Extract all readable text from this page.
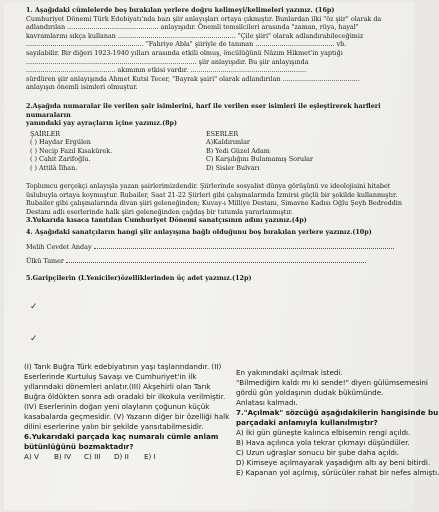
1. Aşağıdaki cümlelerde boş bırakılan yerlere doğru kelimeyi/kelimeleri yazınız. (16p)

Cumhuriyet Dönemi Türk Edebiyatı'nda bazı şiir anlayışları ortaya çıkmıştır. Bunlardan ilki "öz şiir" olarak da

adlandırılan ............................................. anlayışıdır. Önemli temsilcileri arasında "zaman, rüya, hayal"

kavramlarını sıkça kullanan .......................................................... "Çile şiiri" olarak adlandırabileceğimiz

.......................................................... "Fahriye Abla" şiiriyle de tanınan ....................................... vb.

sayılabilir. Bir diğeri 1923-1940 yılları arasında etkili olmuş, öncülüğünü Nâzım Hikmet'in yaptığı

.................................................................................... şiir anlayışıdır. Bu şiir anlayışında

............................................ akımının etkisi vardır. .........................................................

sürdüren şiir anlayışında Ahmet Kutsi Tecer, "Bayrak şairi" olarak adlandırılan ......................................

anlayışın önemli isimleri olmuştur.

2.Aşağıda numaralar ile verilen şair isimlerini, harf ile verilen eser isimleri ile eşleştirerek harfleri numaraların
yanındaki yay ayraçların içine yazınız.(8p)
ŞAİRLER
( ) Haydar Ergülen
( ) Necip Fazıl Kısakürek.
( ) Cahit Zarifoğlu.
( ) Attilâ İlhan.
ESERLER
A)Kaldırımlar
B) Yedi Güzel Adam
C) Karşılığını Bulamamış Sorular
D) Sisler Bulvarı

Toplumcu gerçekçi anlayışla yazan şairlerimizdendir. Şiirlerinde sosyalist dünya görüşünü ve ideolojisini hitabet

üslubuyla ortaya koymuştur. Rubailer, Saat 21-22 Şiirleri gibi çalışmalarında İzmirsi güçlü bir şekilde kullanmıştır.

Rubailer gibi çalışmalarında divan şiiri geleneğinden; Kuvay-ı Milliye Destanı, Simavne Kadısı Oğlu Şeyh Bedreddin

Destanı adlı eserlerinde halk şiiri geleneğinden çağdaş bir tutumla yararlanmıştır.

3.Yukarıda kısaca tanıtılan Cumhuriyet Dönemi sanatçısının adını yazınız.(4p)

4. Aşağıdaki sanatçıların hangi şiir anlayışına bağlı olduğunu boş bırakılan yerlere yazınız.(10p)
Melih Cevdet Anday
Ülkü Tamer
5.Garipçilerin (I.Yeniciler)özelliklerinden üç adet yazınız.(12p)
✓
✓

(I) Tarık Buğra Türk edebiyatının yaşı taşlarındandır. (II)

Eserlerinde Kurtuluş Savaşı ve Cumhuriyet'in ilk

yıllarındaki dönemleri anlatır.(III) Akşehirli olan Tarık

Buğra öldükten sonra adı oradaki bir ilkokula verilmiştir.

(IV) Eserlerinin doğan yeni olayların çoğunun küçük

kasabalarda geçmesidir. (V) Yazarın diğer bir özelliği halk

dilini eserlerine yalın bir şekilde yansıtabilmesidir.

6.Yukarıdaki parçada kaç numaralı cümle anlam

bütünlüğünü bozmaktadır?

A) V B) IV C) III D) II E) I

En yakınındaki açılmak istedi.

"Bilmediğim kaldı mı ki sende!" diyen gülümsemesini

gördü gün yoldaşının dudak bükümünde.

Anlatası kalmadı.

7."Açılmak" sözcüğü aşağıdakilerin hangisinde bu

parçadaki anlamıyla kullanılmıştır?

A) İki gün güneşte kalınca elbisemin rengi açıldı.

B) Hava açılınca yola tekrar çıkmayı düşündüler.

C) Uzun uğraşlar sonucu bir şube daha açıldı.

D) Kimseye açılmayarak yaşadığım altı ay beni bitirdi.

E) Kapanan yol açılmış, sürücüler rahat bir nefes almıştı.
